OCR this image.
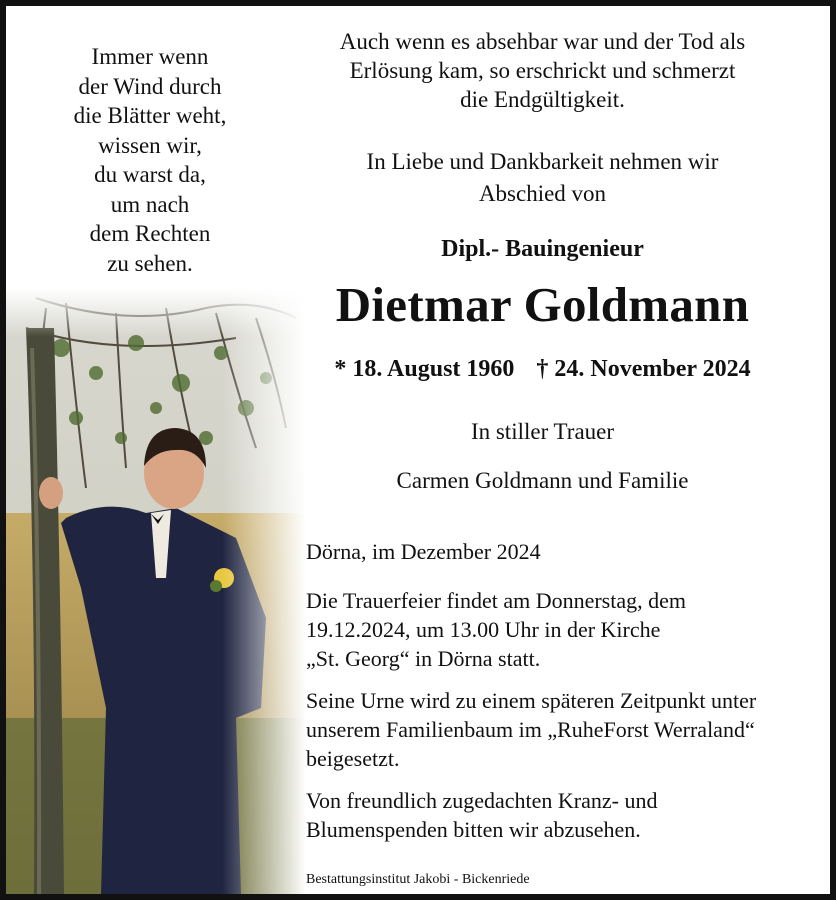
Immer wenn
der Wind durch
die Blätter weht,
wissen wir,
du warst da,
um nach
dem Rechten
zu sehen.
Auch wenn es absehbar war und der Tod als
Erlösung kam, so erschrickt und schmerzt
die Endgültigkeit.
In Liebe und Dankbarkeit nehmen wir
Abschied von
Dipl.- Bauingenieur
Dietmar Goldmann
* 18. August 1960 † 24. November 2024
In stiller Trauer
Carmen Goldmann und Familie
Dörna, im Dezember 2024
Die Trauerfeier findet am Donnerstag, dem
19.12.2024, um 13.00 Uhr in der Kirche
„St. Georg“ in Dörna statt.
Seine Urne wird zu einem späteren Zeitpunkt unter
unserem Familienbaum im „RuheForst Werraland“
beigesetzt.
Von freundlich zugedachten Kranz- und
Blumenspenden bitten wir abzusehen.
Bestattungsinstitut Jakobi - Bickenriede
